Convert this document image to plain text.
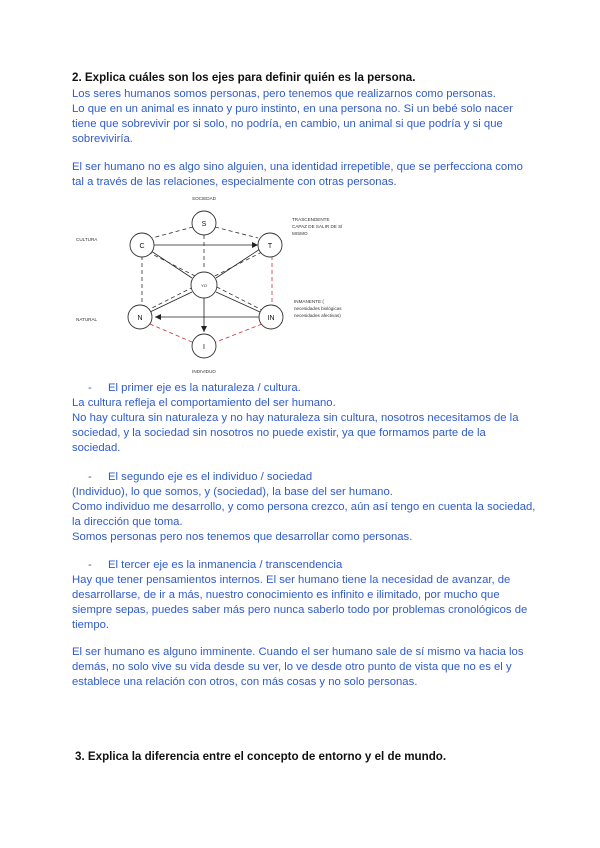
2. Explica cuáles son los ejes para definir quién es la persona.
Los seres humanos somos personas, pero tenemos que realizarnos como personas.
Lo que en un animal es innato y puro instinto, en una persona no. Si un bebé solo nacer
tiene que sobrevivir por si solo, no podría, en cambio, un animal si que podría y si que
sobreviviría.
El ser humano no es algo sino alguien, una identidad irrepetible, que se perfecciona como
tal a través de las relaciones, especialmente con otras personas.
S
C	T
YO
N	IN
I
SOCIEDAD
CULTURA
NATURAL
INDIVIDUO
TRASCENDENTE
CAPAZ DE SALIR DE SÍ
MISMO
INMANENTE (
necesidades biológicas
necesidades afectivas)
- El primer eje es la naturaleza / cultura.
La cultura refleja el comportamiento del ser humano.
No hay cultura sin naturaleza y no hay naturaleza sin cultura, nosotros necesitamos de la
sociedad, y la sociedad sin nosotros no puede existir, ya que formamos parte de la
sociedad.
- El segundo eje es el individuo / sociedad
(Individuo), lo que somos, y (sociedad), la base del ser humano.
Como individuo me desarrollo, y como persona crezco, aún así tengo en cuenta la sociedad,
la dirección que toma.
Somos personas pero nos tenemos que desarrollar como personas.
- El tercer eje es la inmanencia / transcendencia
Hay que tener pensamientos internos. El ser humano tiene la necesidad de avanzar, de
desarrollarse, de ir a más, nuestro conocimiento es infinito e ilimitado, por mucho que
siempre sepas, puedes saber más pero nunca saberlo todo por problemas cronológicos de
tiempo.
El ser humano es alguno imminente. Cuando el ser humano sale de sí mismo va hacia los
demás, no solo vive su vida desde su ver, lo ve desde otro punto de vista que no es el y
establece una relación con otros, con más cosas y no solo personas.
3. Explica la diferencia entre el concepto de entorno y el de mundo.
